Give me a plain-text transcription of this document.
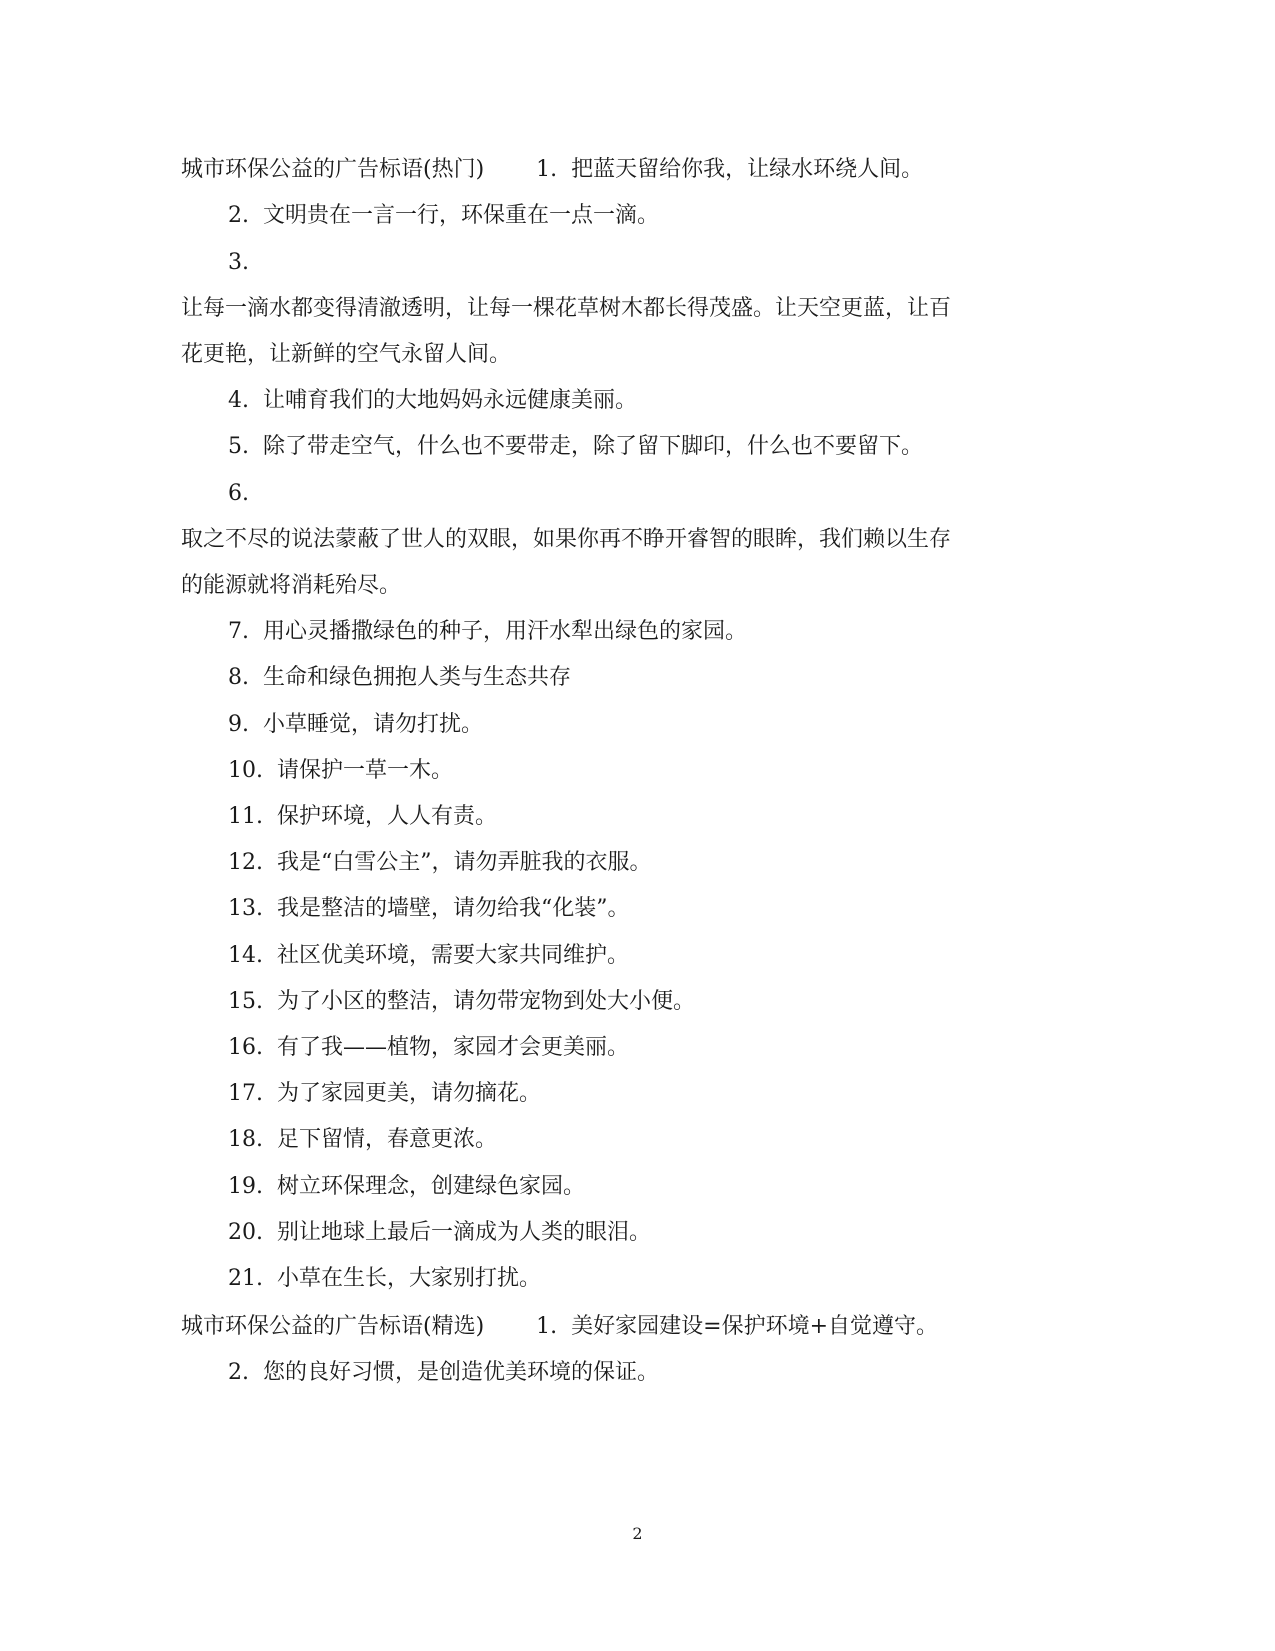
城市环保公益的广告标语(热门) 1. 把蓝天留给你我，让绿水环绕人间。
2. 文明贵在一言一行，环保重在一点一滴。
3.
让每一滴水都变得清澈透明，让每一棵花草树木都长得茂盛。让天空更蓝，让百
花更艳，让新鲜的空气永留人间。
4. 让哺育我们的大地妈妈永远健康美丽。
5. 除了带走空气，什么也不要带走，除了留下脚印，什么也不要留下。
6.
取之不尽的说法蒙蔽了世人的双眼，如果你再不睁开睿智的眼眸，我们赖以生存
的能源就将消耗殆尽。
7. 用心灵播撒绿色的种子，用汗水犁出绿色的家园。
8. 生命和绿色拥抱人类与生态共存
9. 小草睡觉，请勿打扰。
10. 请保护一草一木。
11. 保护环境，人人有责。
12. 我是“白雪公主”，请勿弄脏我的衣服。
13. 我是整洁的墙壁，请勿给我“化装”。
14. 社区优美环境，需要大家共同维护。
15. 为了小区的整洁，请勿带宠物到处大小便。
16. 有了我——植物，家园才会更美丽。
17. 为了家园更美，请勿摘花。
18. 足下留情，春意更浓。
19. 树立环保理念，创建绿色家园。
20. 别让地球上最后一滴成为人类的眼泪。
21. 小草在生长，大家别打扰。
城市环保公益的广告标语(精选) 1. 美好家园建设=保护环境+自觉遵守。
2. 您的良好习惯，是创造优美环境的保证。
2
